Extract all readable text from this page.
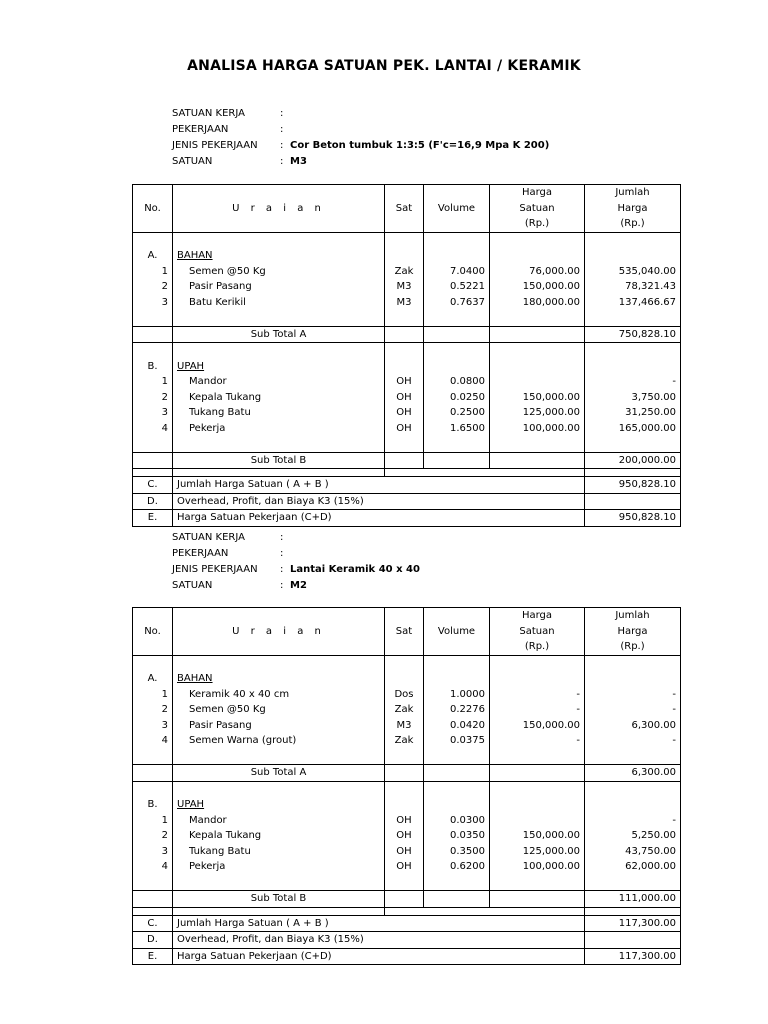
ANALISA HARGA SATUAN PEK. LANTAI / KERAMIK
SATUAN KERJA	:
PEKERJAAN	:
JENIS PEKERJAAN : Cor Beton tumbuk 1:3:5 (F'c=16,9 Mpa K 200)
SATUAN	: M3
				Harga	Jumlah
No.	U r a i a n	Sat	Volume	Satuan	Harga
				(Rp.)	(Rp.)

A.	BAHAN				
1	Semen @50 Kg	Zak	7.0400	76,000.00	535,040.00
2	Pasir Pasang	M3	0.5221	150,000.00	78,321.43
3	Batu Kerikil	M3	0.7637	180,000.00	137,466.67

	Sub Total A				750,828.10

B.	UPAH				
1	Mandor	OH	0.0800		-
2	Kepala Tukang	OH	0.0250	150,000.00	3,750.00
3	Tukang Batu	OH	0.2500	125,000.00	31,250.00
4	Pekerja	OH	1.6500	100,000.00	165,000.00

	Sub Total B				200,000.00

C.	Jumlah Harga Satuan ( A + B )				950,828.10
D.	Overhead, Profit, dan Biaya K3 (15%)				
E.	Harga Satuan Pekerjaan (C+D)				950,828.10
SATUAN KERJA	:
PEKERJAAN	:
JENIS PEKERJAAN : Lantai Keramik 40 x 40
SATUAN	: M2
				Harga	Jumlah
No.	U r a i a n	Sat	Volume	Satuan	Harga
				(Rp.)	(Rp.)

A.	BAHAN				
1	Keramik 40 x 40 cm	Dos	1.0000	-	-
2	Semen @50 Kg	Zak	0.2276	-	-
3	Pasir Pasang	M3	0.0420	150,000.00	6,300.00
4	Semen Warna (grout)	Zak	0.0375	-	-

	Sub Total A				6,300.00

B.	UPAH				
1	Mandor	OH	0.0300		-
2	Kepala Tukang	OH	0.0350	150,000.00	5,250.00
3	Tukang Batu	OH	0.3500	125,000.00	43,750.00
4	Pekerja	OH	0.6200	100,000.00	62,000.00

	Sub Total B				111,000.00

C.	Jumlah Harga Satuan ( A + B )				117,300.00
D.	Overhead, Profit, dan Biaya K3 (15%)				
E.	Harga Satuan Pekerjaan (C+D)				117,300.00
